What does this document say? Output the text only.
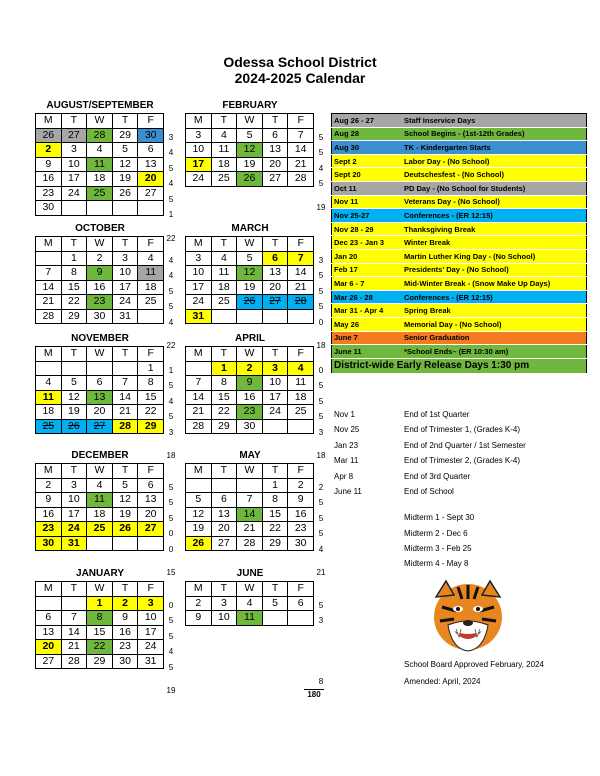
Odessa School District
2024-2025 Calendar
AUGUST/SEPTEMBER
M	T	W	T	F
26	27	28	29	30
2	3	4	5	6
9	10	11	12	13
16	17	18	19	20
23	24	25	26	27
30				
3
4
5
4
5
1
22
OCTOBER
M	T	W	T	F
	1	2	3	4
7	8	9	10	11
14	15	16	17	18
21	22	23	24	25
28	29	30	31	
4
4
5
5
4
22
NOVEMBER
M	T	W	T	F
				1
4	5	6	7	8
11	12	13	14	15
18	19	20	21	22
25	26	27	28	29
1
5
4
5
3
18
DECEMBER
M	T	W	T	F
2	3	4	5	6
9	10	11	12	13
16	17	18	19	20
23	24	25	26	27
30	31			
5
5
5
0
0
15
JANUARY
M	T	W	T	F
		1	2	3
6	7	8	9	10
13	14	15	16	17
20	21	22	23	24
27	28	29	30	31
0
5
5
4
5
19
FEBRUARY
M	T	W	T	F
3	4	5	6	7
10	11	12	13	14
17	18	19	20	21
24	25	26	27	28
5
5
4
5
19
MARCH
M	T	W	T	F
3	4	5	6	7
10	11	12	13	14
17	18	19	20	21
24	25	26	27	28
31				
3
5
5
5
0
18
APRIL
M	T	W	T	F
	1	2	3	4
7	8	9	10	11
14	15	16	17	18
21	22	23	24	25
28	29	30		
0
5
5
5
3
18
MAY
M	T	W	T	F
			1	2
5	6	7	8	9
12	13	14	15	16
19	20	21	22	23
26	27	28	29	30
2
5
5
5
4
21
JUNE
M	T	W	T	F
2	3	4	5	6
9	10	11		
5
3
8
Aug 26 - 27	Staff Inservice Days
Aug 28	School Begins - (1st-12th Grades)
Aug 30	TK - Kindergarten Starts
Sept 2	Labor Day - (No School)
Sept 20	Deutschesfest - (No School)
Oct 11	PD Day - (No School for Students)
Nov 11	Veterans Day - (No School)
Nov 25-27	Conferences - (ER 12:15)
Nov 28 - 29	Thanksgiving Break
Dec 23 - Jan 3	Winter Break
Jan 20	Martin Luther King Day - (No School)
Feb 17	Presidents' Day - (No School)
Mar 6 - 7	Mid-Winter Break - (Snow Make Up Days)
Mar 26 - 28	Conferences - (ER 12:15)
Mar 31 - Apr 4	Spring Break
May 26	Memorial Day - (No School)
June 7	Senior Graduation
June 11	*School Ends– (ER 10:30 am)
District-wide Early Release Days 1:30 pm	
Nov 1	End of 1st Quarter
Nov 25	End of Trimester 1, (Grades K-4)
Jan 23	End of 2nd Quarter / 1st Semester
Mar 11	End of Trimester 2, (Grades K-4)
Apr 8	End of 3rd Quarter
June 11	End of School
Midterm 1 - Sept 30
Midterm 2 - Dec 6
Midterm 3 - Feb 25
Midterm 4 - May 8
School Board Approved February, 2024
Amended: April, 2024
180
